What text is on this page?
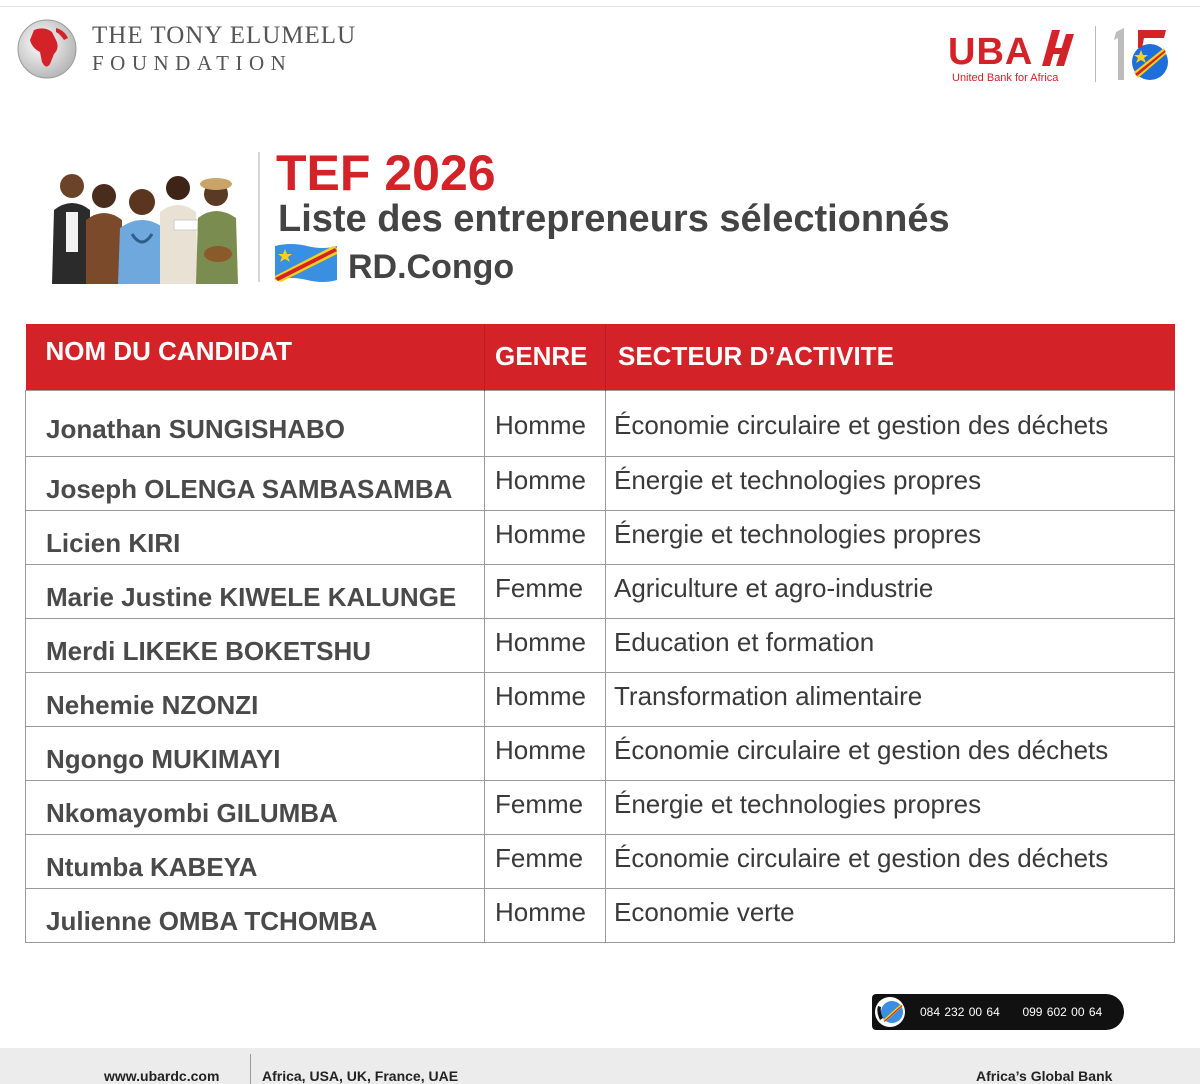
THE TONY ELUMELU
FOUNDATION	UBA
United Bank for Africa
TEF 2026
Liste des entrepreneurs sélectionnés
RD.Congo
NOM DU CANDIDAT	GENRE	SECTEUR D’ACTIVITE
Jonathan SUNGISHABO	Homme	Économie circulaire et gestion des déchets
Joseph OLENGA SAMBASAMBA	Homme	Énergie et technologies propres
Licien KIRI	Homme	Énergie et technologies propres
Marie Justine KIWELE KALUNGE	Femme	Agriculture et agro-industrie
Merdi LIKEKE BOKETSHU	Homme	Education et formation
Nehemie NZONZI	Homme	Transformation alimentaire
Ngongo MUKIMAYI	Homme	Économie circulaire et gestion des déchets
Nkomayombi GILUMBA	Femme	Énergie et technologies propres
Ntumba KABEYA	Femme	Économie circulaire et gestion des déchets
Julienne OMBA TCHOMBA	Homme	Economie verte
084 232 00 64 099 602 00 64
www.ubardc.com	Africa, USA, UK, France, UAE	Africa’s Global Bank
